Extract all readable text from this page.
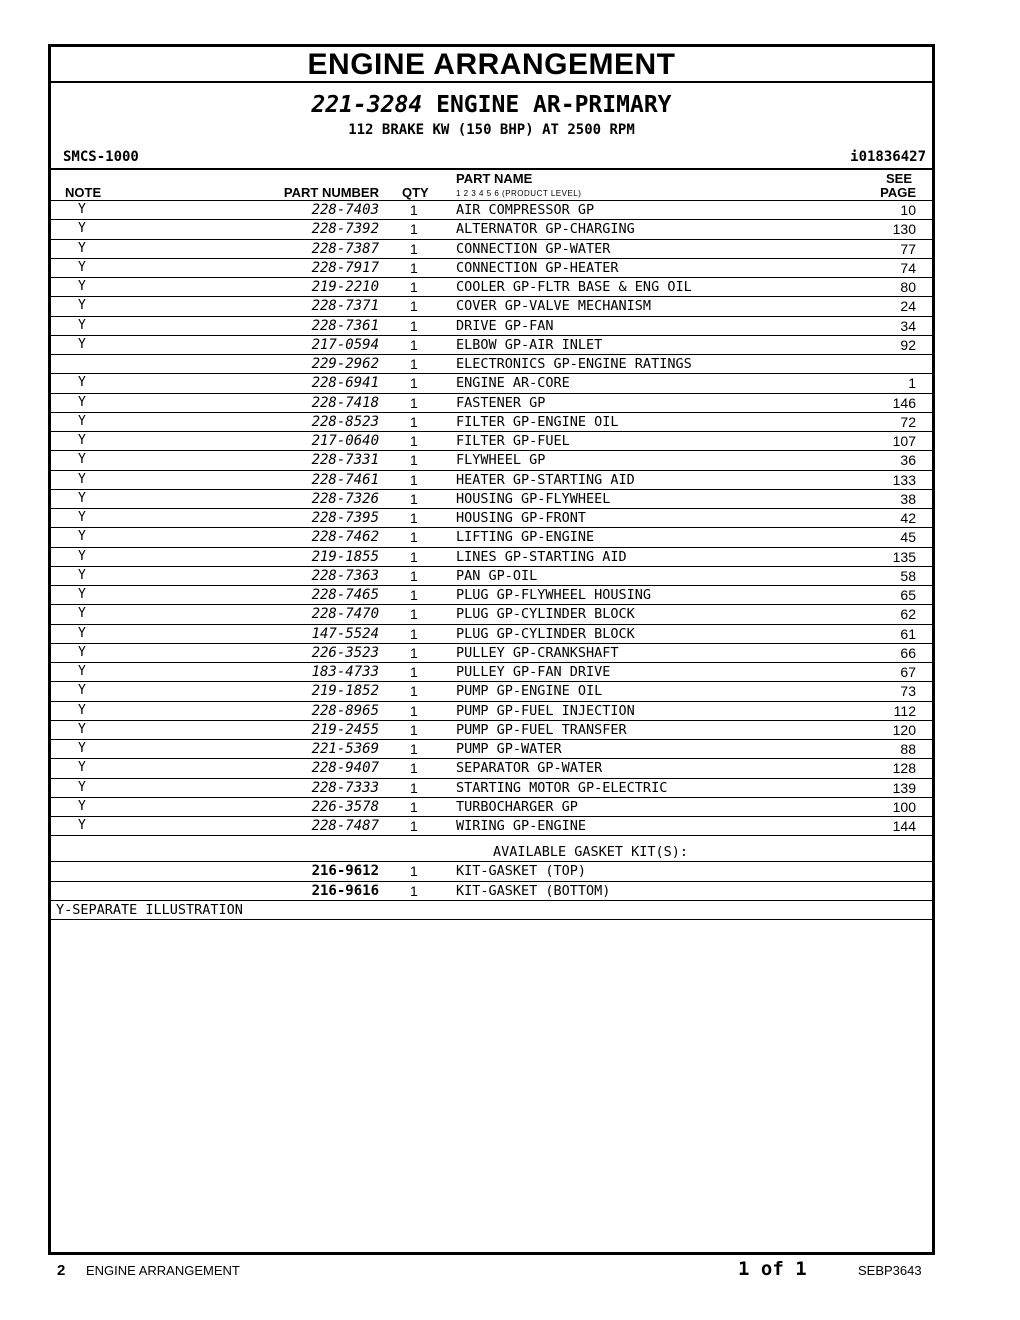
ENGINE ARRANGEMENT
221-3284 ENGINE AR-PRIMARY
112 BRAKE KW (150 BHP) AT 2500 RPM
SMCS-1000	i01836427
NOTE	PART NUMBER QTY
PART NAME
1 2 3 4 5 6 (PRODUCT LEVEL)
SEE
PAGE
Y	228-7403 1	AIR COMPRESSOR GP	10
Y	228-7392 1	ALTERNATOR GP-CHARGING	130
Y	228-7387 1	CONNECTION GP-WATER	77
Y	228-7917 1	CONNECTION GP-HEATER	74
Y	219-2210 1	COOLER GP-FLTR BASE & ENG OIL	80
Y	228-7371 1	COVER GP-VALVE MECHANISM	24
Y	228-7361 1	DRIVE GP-FAN	34
Y	217-0594 1	ELBOW GP-AIR INLET	92
229-2962 1	ELECTRONICS GP-ENGINE RATINGS
Y	228-6941 1	ENGINE AR-CORE	1
Y	228-7418 1	FASTENER GP	146
Y	228-8523 1	FILTER GP-ENGINE OIL	72
Y	217-0640 1	FILTER GP-FUEL	107
Y	228-7331 1	FLYWHEEL GP	36
Y	228-7461 1	HEATER GP-STARTING AID	133
Y	228-7326 1	HOUSING GP-FLYWHEEL	38
Y	228-7395 1	HOUSING GP-FRONT	42
Y	228-7462 1	LIFTING GP-ENGINE	45
Y	219-1855 1	LINES GP-STARTING AID	135
Y	228-7363 1	PAN GP-OIL	58
Y	228-7465 1	PLUG GP-FLYWHEEL HOUSING	65
Y	228-7470 1	PLUG GP-CYLINDER BLOCK	62
Y	147-5524 1	PLUG GP-CYLINDER BLOCK	61
Y	226-3523 1	PULLEY GP-CRANKSHAFT	66
Y	183-4733 1	PULLEY GP-FAN DRIVE	67
Y	219-1852 1	PUMP GP-ENGINE OIL	73
Y	228-8965 1	PUMP GP-FUEL INJECTION	112
Y	219-2455 1	PUMP GP-FUEL TRANSFER	120
Y	221-5369 1	PUMP GP-WATER	88
Y	228-9407 1	SEPARATOR GP-WATER	128
Y	228-7333 1	STARTING MOTOR GP-ELECTRIC	139
Y	226-3578 1	TURBOCHARGER GP	100
Y	228-7487 1	WIRING GP-ENGINE	144
AVAILABLE GASKET KIT(S):
216-9612 1	KIT-GASKET (TOP)
216-9616 1	KIT-GASKET (BOTTOM)
Y-SEPARATE ILLUSTRATION
2 ENGINE ARRANGEMENT	1 of 1	SEBP3643
